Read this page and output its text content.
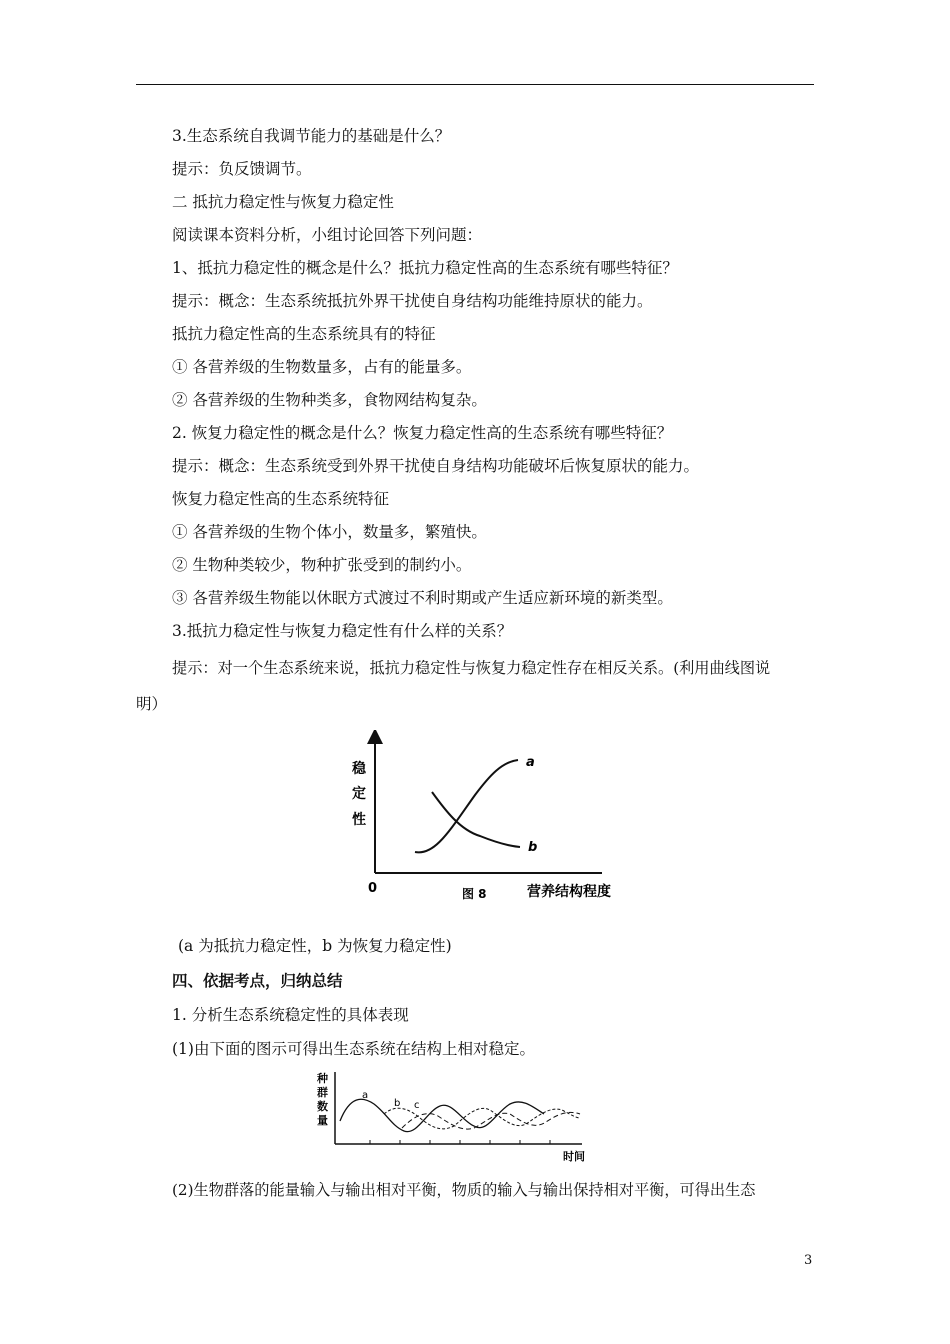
3.生态系统自我调节能力的基础是什么？
提示：负反馈调节。
二 抵抗力稳定性与恢复力稳定性
阅读课本资料分析，小组讨论回答下列问题：
1、抵抗力稳定性的概念是什么？抵抗力稳定性高的生态系统有哪些特征？
提示：概念：生态系统抵抗外界干扰使自身结构功能维持原状的能力。
抵抗力稳定性高的生态系统具有的特征
① 各营养级的生物数量多，占有的能量多。
② 各营养级的生物种类多，食物网结构复杂。
2. 恢复力稳定性的概念是什么？恢复力稳定性高的生态系统有哪些特征？
提示：概念：生态系统受到外界干扰使自身结构功能破坏后恢复原状的能力。
恢复力稳定性高的生态系统特征
① 各营养级的生物个体小，数量多，繁殖快。
② 生物种类较少，物种扩张受到的制约小。
③ 各营养级生物能以休眠方式渡过不利时期或产生适应新环境的新类型。
3.抵抗力稳定性与恢复力稳定性有什么样的关系？
提示：对一个生态系统来说，抵抗力稳定性与恢复力稳定性存在相反关系。(利用曲线图说
明）
稳
定
性
0	图 8	营养结构程度
a
b
(a 为抵抗力稳定性，b 为恢复力稳定性)
四、依据考点，归纳总结
1. 分析生态系统稳定性的具体表现
(1)由下面的图示可得出生态系统在结构上相对稳定。
种
群
数
量
a
b c
时间
(2)生物群落的能量输入与输出相对平衡，物质的输入与输出保持相对平衡，可得出生态
3
